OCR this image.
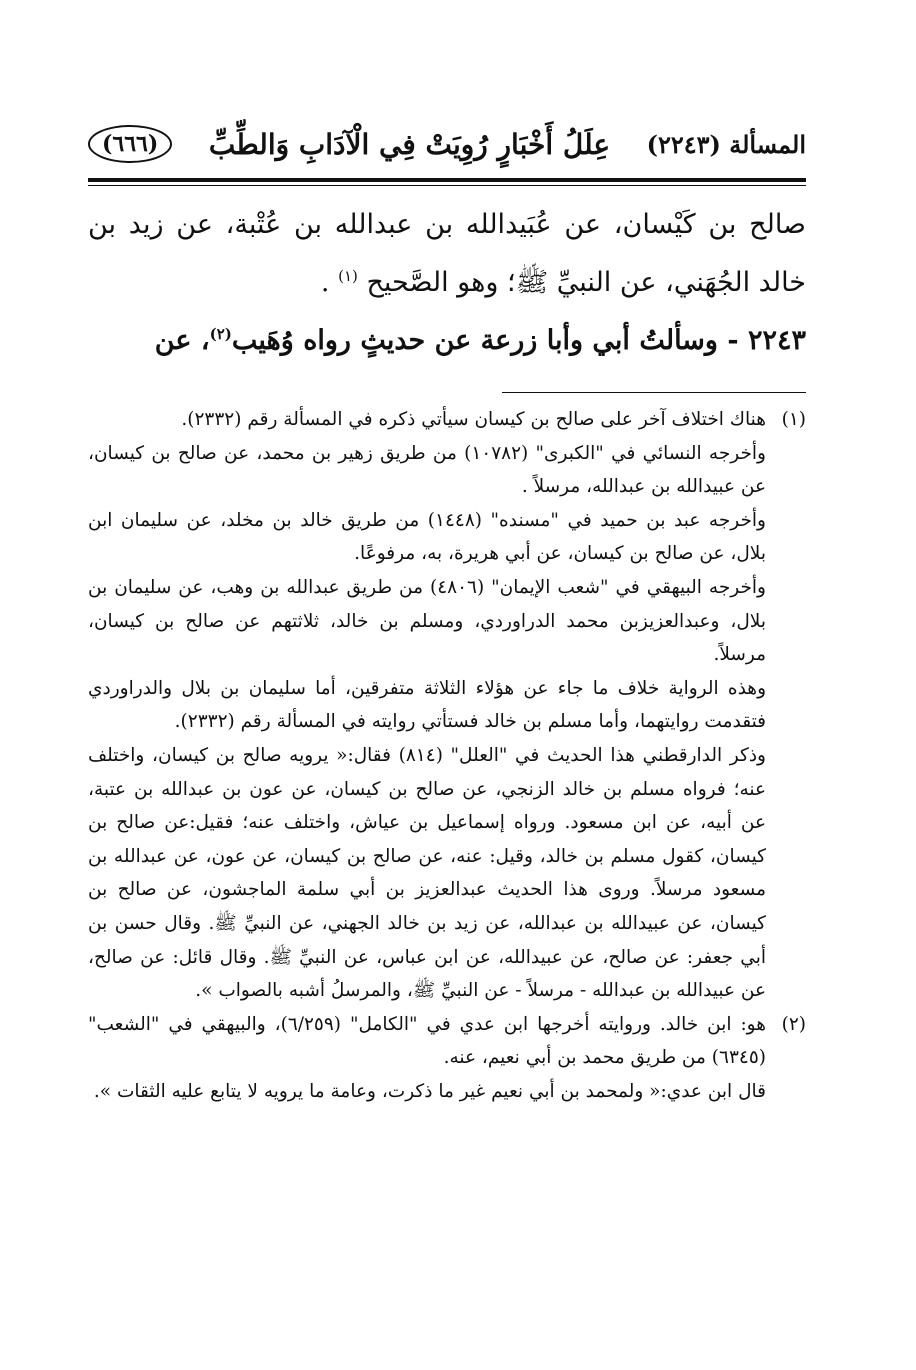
المسألة (٢٢٤٣)
عِلَلُ أَخْبَارٍ رُوِيَتْ فِي الْآدَابِ وَالطِّبِّ
(٦٦٦)

صالح بن كَيْسان، عن عُبَيدالله بن عبدالله بن عُتْبة، عن زيد بن خالد الجُهَني، عن النبيِّ ﷺ؛ وهو الصَّحيح $^{(١)}$ .

٢٢٤٣ - وسألتُ أبي وأبا زرعة عن حديثٍ رواه وُهَيب$^{(٢)}$، عن

(١)

هناك اختلاف آخر على صالح بن كيسان سيأتي ذكره في المسألة رقم (٢٣٣٢).

وأخرجه النسائي في "الكبرى" (١٠٧٨٢) من طريق زهير بن محمد، عن صالح بن كيسان، عن عبيدالله بن عبدالله، مرسلاً .

وأخرجه عبد بن حميد في "مسنده" (١٤٤٨) من طريق خالد بن مخلد، عن سليمان ابن بلال، عن صالح بن كيسان، عن أبي هريرة، به، مرفوعًا.

وأخرجه البيهقي في "شعب الإيمان" (٤٨٠٦) من طريق عبدالله بن وهب، عن سليمان بن بلال، وعبدالعزيزبن محمد الدراوردي، ومسلم بن خالد، ثلاثتهم عن صالح بن كيسان، مرسلاً.

وهذه الرواية خلاف ما جاء عن هؤلاء الثلاثة متفرقين، أما سليمان بن بلال والدراوردي فتقدمت روايتهما، وأما مسلم بن خالد فستأتي روايته في المسألة رقم (٢٣٣٢).

وذكر الدارقطني هذا الحديث في "العلل" (٨١٤) فقال:« يرويه صالح بن كيسان، واختلف عنه؛ فرواه مسلم بن خالد الزنجي، عن صالح بن كيسان، عن عون بن عبدالله بن عتبة، عن أبيه، عن ابن مسعود. ورواه إسماعيل بن عياش، واختلف عنه؛ فقيل:عن صالح بن كيسان، كقول مسلم بن خالد، وقيل: عنه، عن صالح بن كيسان، عن عون، عن عبدالله بن مسعود مرسلاً. وروى هذا الحديث عبدالعزيز بن أبي سلمة الماجشون، عن صالح بن كيسان، عن عبيدالله بن عبدالله، عن زيد بن خالد الجهني، عن النبيِّ ﷺ. وقال حسن بن أبي جعفر: عن صالح، عن عبيدالله، عن ابن عباس، عن النبيِّ ﷺ. وقال قائل: عن صالح، عن عبيدالله بن عبدالله - مرسلاً - عن النبيِّ ﷺ، والمرسلُ أشبه بالصواب ».

(٢)

هو: ابن خالد. وروايته أخرجها ابن عدي في "الكامل" (٦/٢٥٩)، والبيهقي في "الشعب" (٦٣٤٥) من طريق محمد بن أبي نعيم، عنه.

قال ابن عدي:« ولمحمد بن أبي نعيم غير ما ذكرت، وعامة ما يرويه لا يتابع عليه الثقات ».
